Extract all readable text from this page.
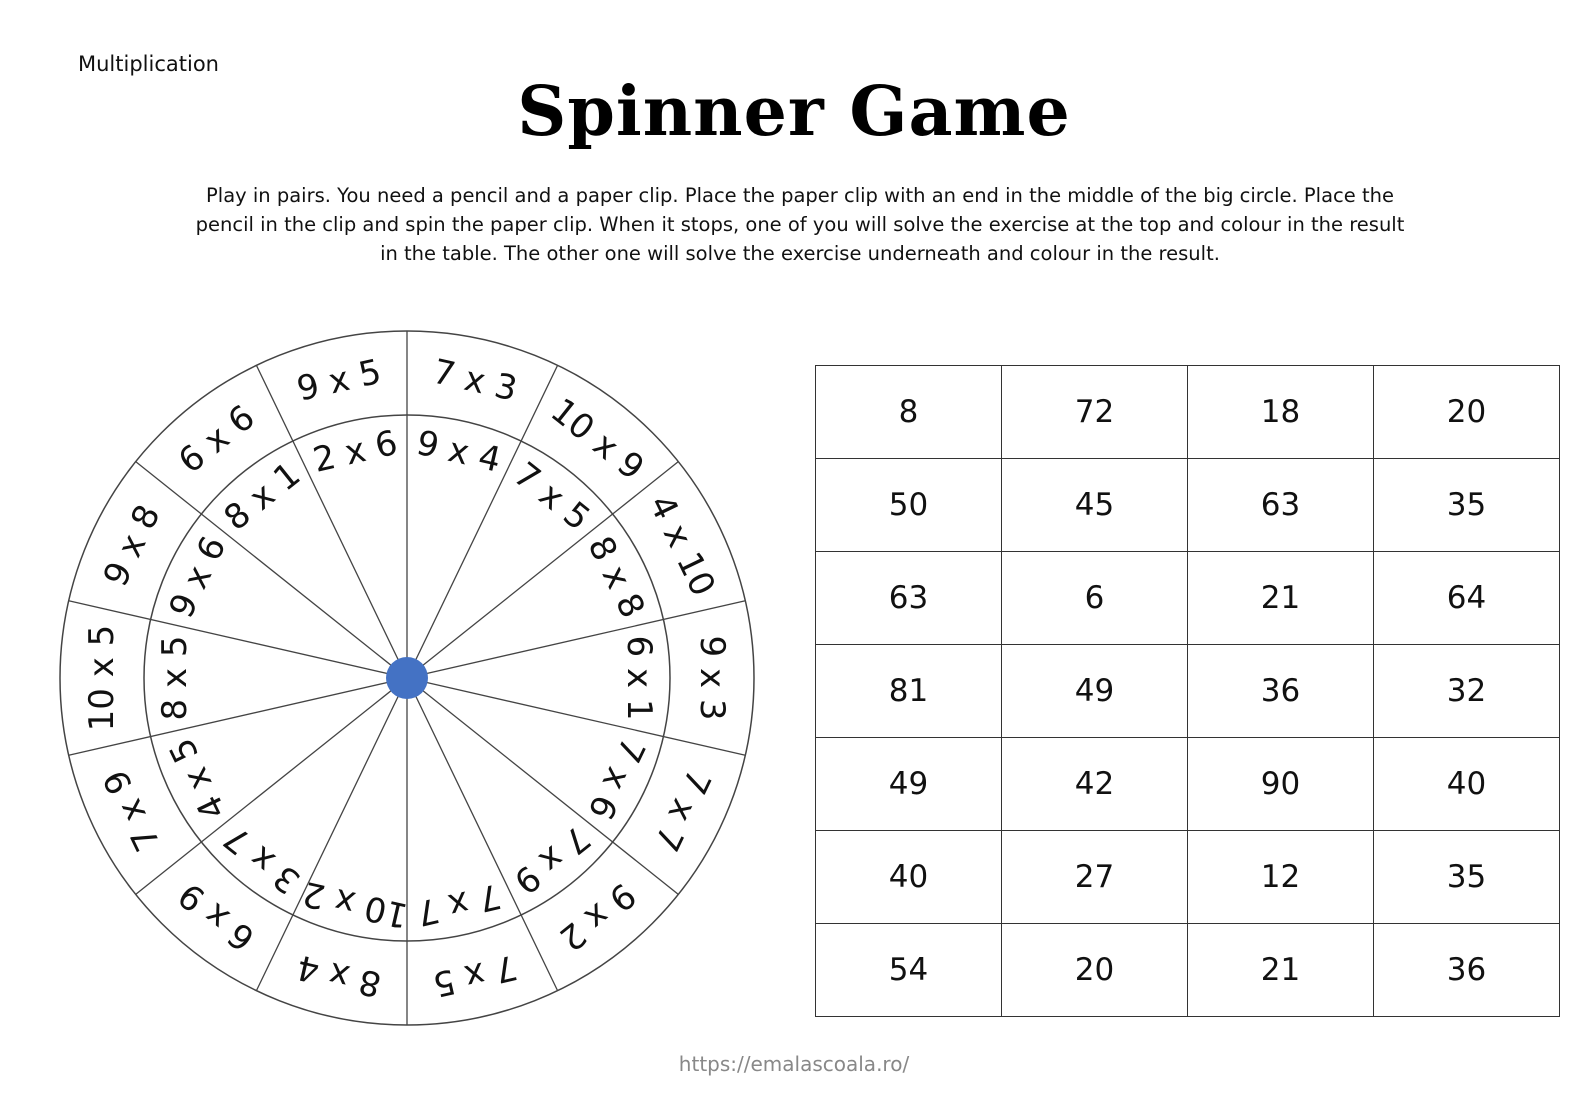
Multiplication
Spinner Game
Play in pairs. You need a pencil and a paper clip. Place the paper clip with an end in the middle of the big circle. Place the
pencil in the clip and spin the paper clip. When it stops, one of you will solve the exercise at the top and colour in the result
in the table. The other one will solve the exercise underneath and colour in the result.
7 x 3
10 x 9
4 x 10
9 x 3
7 x 7
9 x 2
7 x 5
8 x 4
6 x 9
7 x 9
10 x 5
9 x 8
6 x 6
9 x 5
9 x 4
7 x 5
8 x 8
6 x 1
7 x 6
7 x 9
7 x 7
10 x 2
3 x 7
4 x 5
8 x 5
9 x 6
8 x 1
2 x 6
8	72	18	20
50	45	63	35
63	6	21	64
81	49	36	32
49	42	90	40
40	27	12	35
54	20	21	36
https://emalascoala.ro/
